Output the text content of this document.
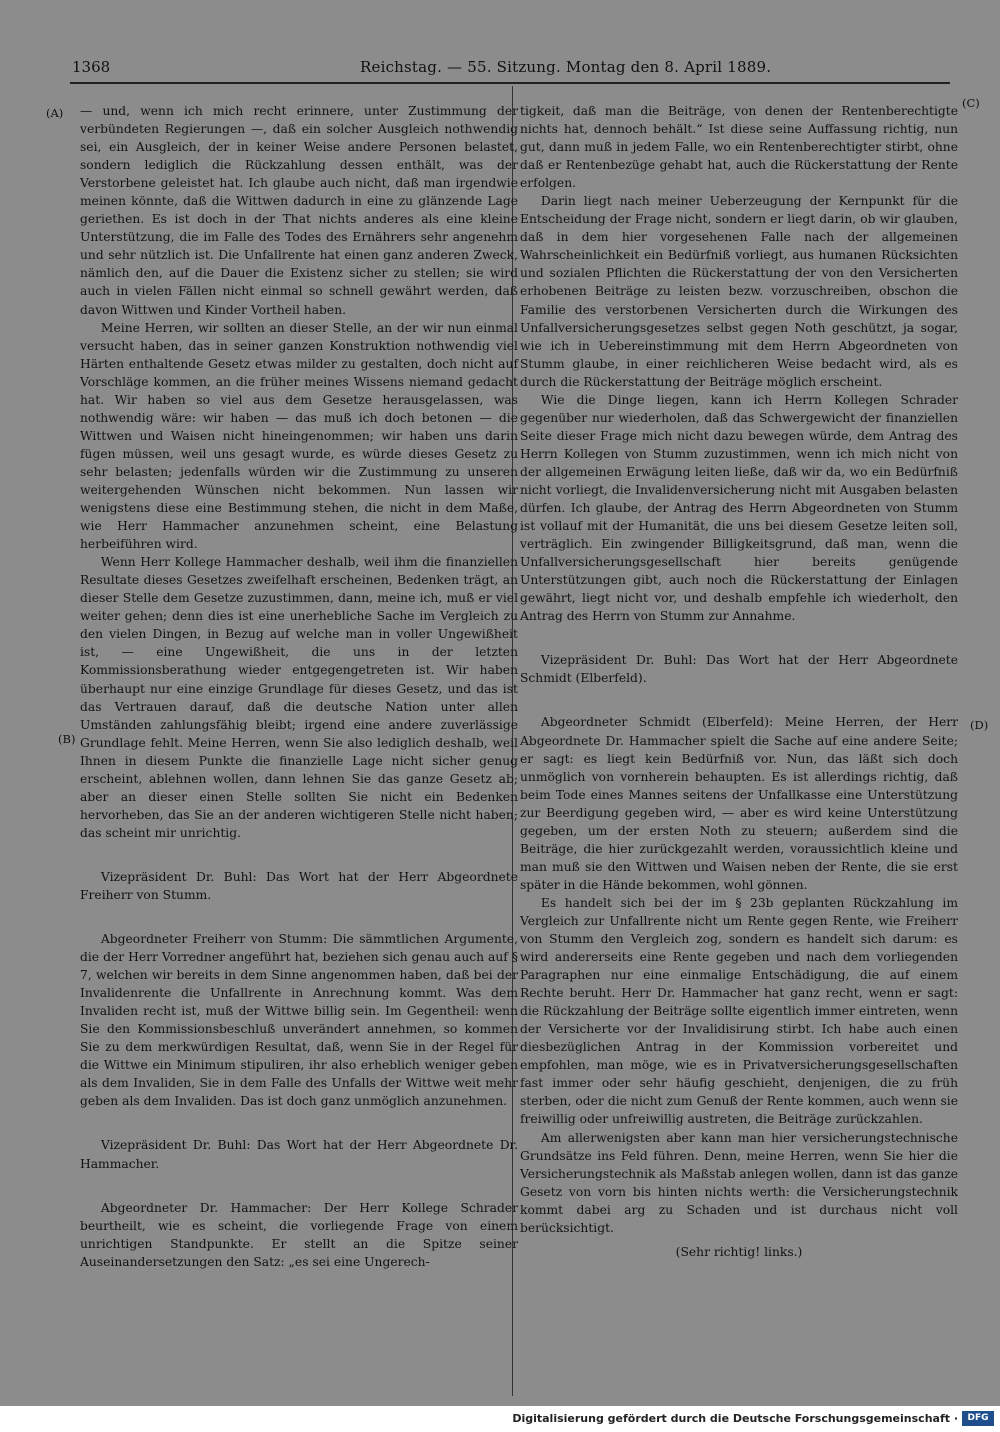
1368	Reichstag. — 55. Sitzung. Montag den 8. April 1889.
(A)
(B)
(C)
(D)

— und, wenn ich mich recht erinnere, unter Zustimmung der verbündeten Regierungen —, daß ein solcher Ausgleich nothwendig sei, ein Ausgleich, der in keiner Weise andere Personen belastet, sondern lediglich die Rückzahlung dessen enthält, was der Verstorbene geleistet hat. Ich glaube auch nicht, daß man irgendwie meinen könnte, daß die Wittwen dadurch in eine zu glänzende Lage geriethen. Es ist doch in der That nichts anderes als eine kleine Unterstützung, die im Falle des Todes des Ernährers sehr angenehm und sehr nützlich ist. Die Unfallrente hat einen ganz anderen Zweck, nämlich den, auf die Dauer die Existenz sicher zu stellen; sie wird auch in vielen Fällen nicht einmal so schnell gewährt werden, daß davon Wittwen und Kinder Vortheil haben.

Meine Herren, wir sollten an dieser Stelle, an der wir nun einmal versucht haben, das in seiner ganzen Konstruktion nothwendig viel Härten enthaltende Gesetz etwas milder zu gestalten, doch nicht auf Vorschläge kommen, an die früher meines Wissens niemand gedacht hat. Wir haben so viel aus dem Gesetze herausgelassen, was nothwendig wäre: wir haben — das muß ich doch betonen — die Wittwen und Waisen nicht hineingenommen; wir haben uns darin fügen müssen, weil uns gesagt wurde, es würde dieses Gesetz zu sehr belasten; jedenfalls würden wir die Zustimmung zu unseren weitergehenden Wünschen nicht bekommen. Nun lassen wir wenigstens diese eine Bestimmung stehen, die nicht in dem Maße, wie Herr Hammacher anzunehmen scheint, eine Belastung herbeiführen wird.

Wenn Herr Kollege Hammacher deshalb, weil ihm die finanziellen Resultate dieses Gesetzes zweifelhaft erscheinen, Bedenken trägt, an dieser Stelle dem Gesetze zuzustimmen, dann, meine ich, muß er viel weiter gehen; denn dies ist eine unerhebliche Sache im Vergleich zu den vielen Dingen, in Bezug auf welche man in voller Ungewißheit ist, — eine Ungewißheit, die uns in der letzten Kommissionsberathung wieder entgegengetreten ist. Wir haben überhaupt nur eine einzige Grundlage für dieses Gesetz, und das ist das Vertrauen darauf, daß die deutsche Nation unter allen Umständen zahlungsfähig bleibt; irgend eine andere zuverlässige Grundlage fehlt. Meine Herren, wenn Sie also lediglich deshalb, weil Ihnen in diesem Punkte die finanzielle Lage nicht sicher genug erscheint, ablehnen wollen, dann lehnen Sie das ganze Gesetz ab; aber an dieser einen Stelle sollten Sie nicht ein Bedenken hervorheben, das Sie an der anderen wichtigeren Stelle nicht haben; das scheint mir unrichtig.

Vizepräsident Dr. Buhl: Das Wort hat der Herr Abgeordnete Freiherr von Stumm.

Abgeordneter Freiherr von Stumm: Die sämmtlichen Argumente, die der Herr Vorredner angeführt hat, beziehen sich genau auch auf § 7, welchen wir bereits in dem Sinne angenommen haben, daß bei der Invalidenrente die Unfallrente in Anrechnung kommt. Was dem Invaliden recht ist, muß der Wittwe billig sein. Im Gegentheil: wenn Sie den Kommissionsbeschluß unverändert annehmen, so kommen Sie zu dem merkwürdigen Resultat, daß, wenn Sie in der Regel für die Wittwe ein Minimum stipuliren, ihr also erheblich weniger geben als dem Invaliden, Sie in dem Falle des Unfalls der Wittwe weit mehr geben als dem Invaliden. Das ist doch ganz unmöglich anzunehmen.

Vizepräsident Dr. Buhl: Das Wort hat der Herr Abgeordnete Dr. Hammacher.

Abgeordneter Dr. Hammacher: Der Herr Kollege Schrader beurtheilt, wie es scheint, die vorliegende Frage von einem unrichtigen Standpunkte. Er stellt an die Spitze seiner Auseinandersetzungen den Satz: „es sei eine Ungerech-

tigkeit, daß man die Beiträge, von denen der Rentenberechtigte nichts hat, dennoch behält.“ Ist diese seine Auffassung richtig, nun gut, dann muß in jedem Falle, wo ein Rentenberechtigter stirbt, ohne daß er Rentenbezüge gehabt hat, auch die Rückerstattung der Rente erfolgen.

Darin liegt nach meiner Ueberzeugung der Kernpunkt für die Entscheidung der Frage nicht, sondern er liegt darin, ob wir glauben, daß in dem hier vorgesehenen Falle nach der allgemeinen Wahrscheinlichkeit ein Bedürfniß vorliegt, aus humanen Rücksichten und sozialen Pflichten die Rückerstattung der von den Versicherten erhobenen Beiträge zu leisten bezw. vorzuschreiben, obschon die Familie des verstorbenen Versicherten durch die Wirkungen des Unfallversicherungsgesetzes selbst gegen Noth geschützt, ja sogar, wie ich in Uebereinstimmung mit dem Herrn Abgeordneten von Stumm glaube, in einer reichlicheren Weise bedacht wird, als es durch die Rückerstattung der Beiträge möglich erscheint.

Wie die Dinge liegen, kann ich Herrn Kollegen Schrader gegenüber nur wiederholen, daß das Schwergewicht der finanziellen Seite dieser Frage mich nicht dazu bewegen würde, dem Antrag des Herrn Kollegen von Stumm zuzustimmen, wenn ich mich nicht von der allgemeinen Erwägung leiten ließe, daß wir da, wo ein Bedürfniß nicht vorliegt, die Invalidenversicherung nicht mit Ausgaben belasten dürfen. Ich glaube, der Antrag des Herrn Abgeordneten von Stumm ist vollauf mit der Humanität, die uns bei diesem Gesetze leiten soll, verträglich. Ein zwingender Billigkeitsgrund, daß man, wenn die Unfallversicherungsgesellschaft hier bereits genügende Unterstützungen gibt, auch noch die Rückerstattung der Einlagen gewährt, liegt nicht vor, und deshalb empfehle ich wiederholt, den Antrag des Herrn von Stumm zur Annahme.

Vizepräsident Dr. Buhl: Das Wort hat der Herr Abgeordnete Schmidt (Elberfeld).

Abgeordneter Schmidt (Elberfeld): Meine Herren, der Herr Abgeordnete Dr. Hammacher spielt die Sache auf eine andere Seite; er sagt: es liegt kein Bedürfniß vor. Nun, das läßt sich doch unmöglich von vornherein behaupten. Es ist allerdings richtig, daß beim Tode eines Mannes seitens der Unfallkasse eine Unterstützung zur Beerdigung gegeben wird, — aber es wird keine Unterstützung gegeben, um der ersten Noth zu steuern; außerdem sind die Beiträge, die hier zurückgezahlt werden, voraussichtlich kleine und man muß sie den Wittwen und Waisen neben der Rente, die sie erst später in die Hände bekommen, wohl gönnen.

Es handelt sich bei der im § 23b geplanten Rückzahlung im Vergleich zur Unfallrente nicht um Rente gegen Rente, wie Freiherr von Stumm den Vergleich zog, sondern es handelt sich darum: es wird andererseits eine Rente gegeben und nach dem vorliegenden Paragraphen nur eine einmalige Entschädigung, die auf einem Rechte beruht. Herr Dr. Hammacher hat ganz recht, wenn er sagt: die Rückzahlung der Beiträge sollte eigentlich immer eintreten, wenn der Versicherte vor der Invalidisirung stirbt. Ich habe auch einen diesbezüglichen Antrag in der Kommission vorbereitet und empfohlen, man möge, wie es in Privatversicherungsgesellschaften fast immer oder sehr häufig geschieht, denjenigen, die zu früh sterben, oder die nicht zum Genuß der Rente kommen, auch wenn sie freiwillig oder unfreiwillig austreten, die Beiträge zurückzahlen.

Am allerwenigsten aber kann man hier versicherungstechnische Grundsätze ins Feld führen. Denn, meine Herren, wenn Sie hier die Versicherungstechnik als Maßstab anlegen wollen, dann ist das ganze Gesetz von vorn bis hinten nichts werth: die Versicherungstechnik kommt dabei arg zu Schaden und ist durchaus nicht voll berücksichtigt.

(Sehr richtig! links.)

Digitalisierung gefördert durch die Deutsche Forschungsgemeinschaft ·	DFG
